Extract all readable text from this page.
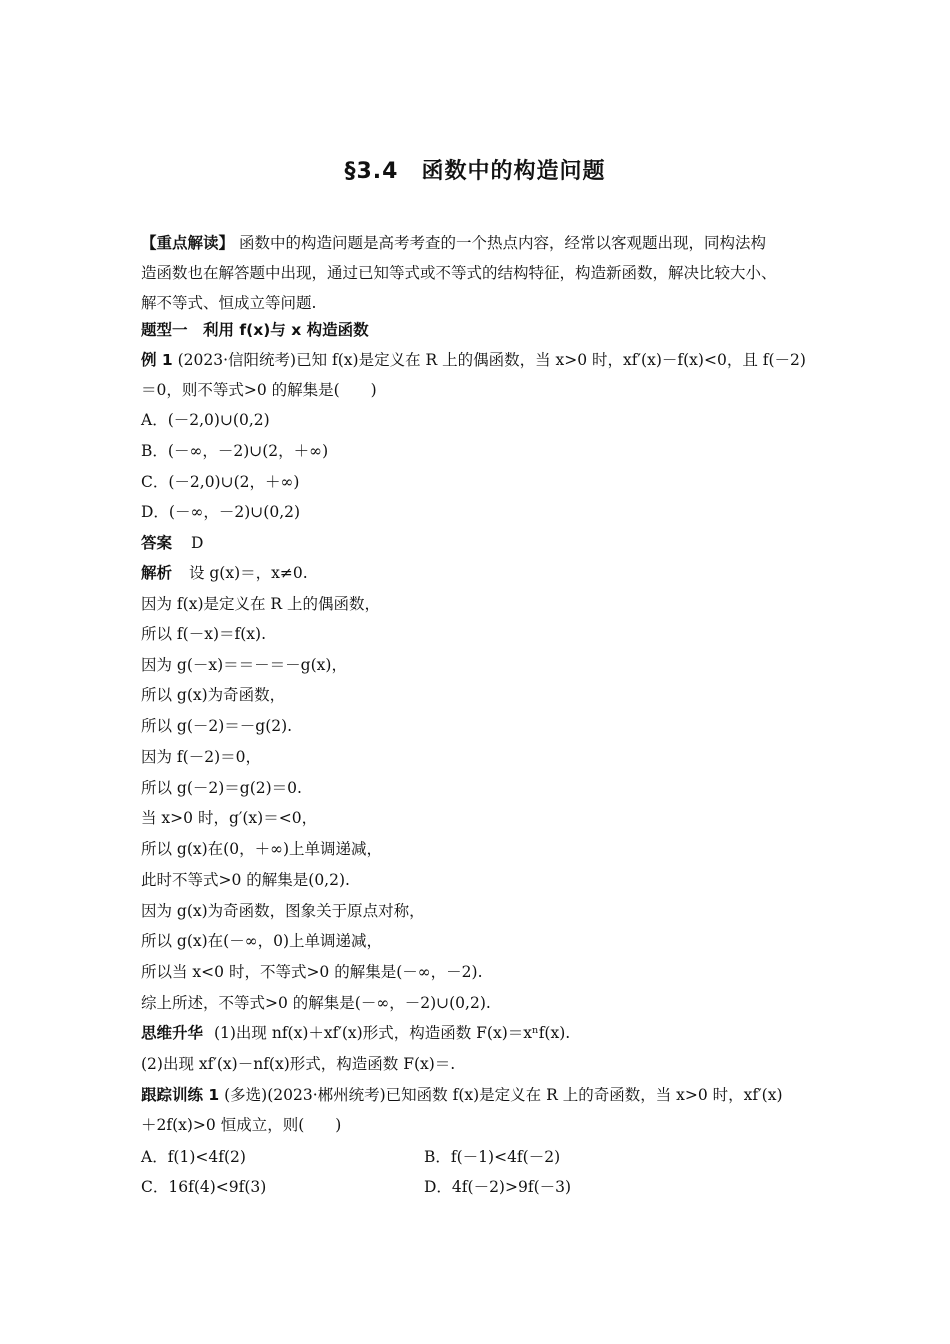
§3.4　函数中的构造问题
【重点解读】 函数中的构造问题是高考考查的一个热点内容，经常以客观题出现，同构法构
造函数也在解答题中出现，通过已知等式或不等式的结构特征，构造新函数，解决比较大小、
解不等式、恒成立等问题.
题型一　利用 f(x)与 x 构造函数
例 1 (2023·信阳统考)已知 f(x)是定义在 R 上的偶函数，当 x>0 时，xf′(x)－f(x)<0，且 f(－2)
＝0，则不等式>0 的解集是(　　)
A．(－2,0)∪(0,2)
B．(－∞，－2)∪(2，＋∞)
C．(－2,0)∪(2，＋∞)
D．(－∞，－2)∪(0,2)
答案 D
解析 设 g(x)＝，x≠0.
因为 f(x)是定义在 R 上的偶函数，
所以 f(－x)＝f(x).
因为 g(－x)＝＝－＝－g(x)，
所以 g(x)为奇函数，
所以 g(－2)＝－g(2).
因为 f(－2)＝0，
所以 g(－2)＝g(2)＝0.
当 x>0 时，g′(x)＝<0，
所以 g(x)在(0，＋∞)上单调递减，
此时不等式>0 的解集是(0,2).
因为 g(x)为奇函数，图象关于原点对称，
所以 g(x)在(－∞，0)上单调递减，
所以当 x<0 时，不等式>0 的解集是(－∞，－2).
综上所述，不等式>0 的解集是(－∞，－2)∪(0,2).
思维升华 (1)出现 nf(x)＋xf′(x)形式，构造函数 F(x)＝xⁿf(x).
(2)出现 xf′(x)－nf(x)形式，构造函数 F(x)＝.
跟踪训练 1 (多选)(2023·郴州统考)已知函数 f(x)是定义在 R 上的奇函数，当 x>0 时，xf′(x)
＋2f(x)>0 恒成立，则(　　)
A．f(1)<4f(2)	B．f(－1)<4f(－2)
C．16f(4)<9f(3)	D．4f(－2)>9f(－3)
